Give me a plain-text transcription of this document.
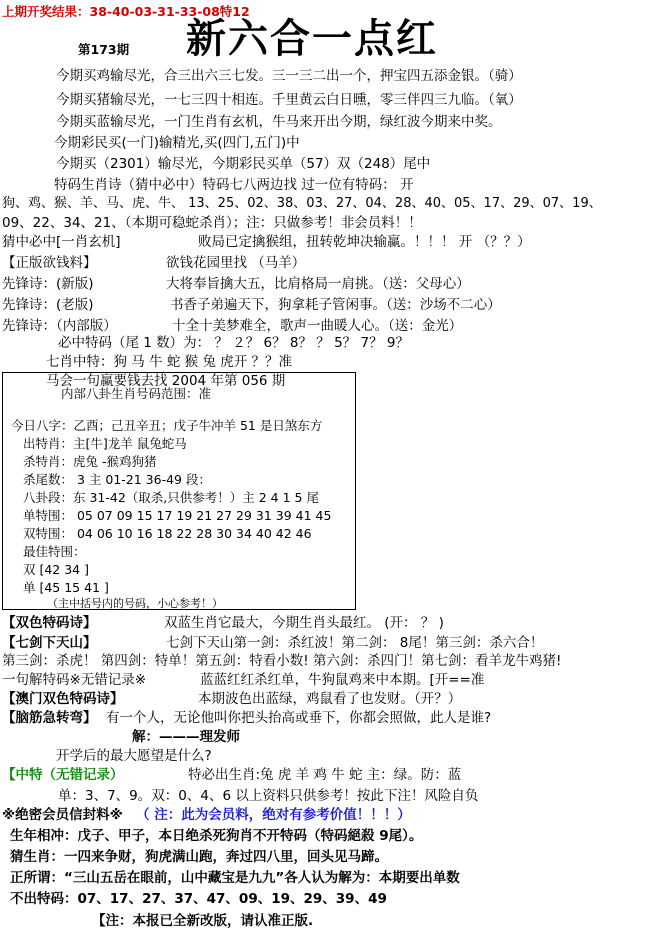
上期开奖结果：38-40-03-31-33-08特12
第173期 新六合一点红
今期买鸡输尽光，合三出六三七发。三一三二出一个，押宝四五添金银。（骑）
今期买猪输尽光，一七三四十相连。千里黄云白日曛，零三伴四三九临。（氧）
今期买蓝输尽光，一门生肖有玄机，牛马来开出今期，绿红波今期来中奖。
今期彩民买(一门)输精光,买(四门,五门)中
今期买（2301）输尽光，今期彩民买单（57）双（248）尾中
特码生肖诗（猜中必中）特码七八两边找 过一位有特码： 开
狗、鸡、猴、羊、马、虎、牛、 13、25、02、38、03、27、04、28、40、05、17、29、07、19、
09、22、34、21、（本期可稳蛇杀肖）；注：只做参考！非会员料！！
猜中必中[一肖玄机]	败局已定擒猴组，扭转乾坤决输赢。！！！ 开 （？？）
【正版欲钱料】	欲钱花园里找 （马羊）
先锋诗：(新版)	大将奉旨擒大五，比肩格局一肩挑。（送：父母心）
先锋诗：(老版)	书香子弟遍天下，狗拿耗子管闲事。（送：沙场不二心）
先锋诗：（内部版）	十全十美梦难全，歌声一曲暖人心。（送：金光）
必中特码（尾 1 数）为： ？ ２？ 6？ 8？ ？ 5？ 7？ 9？
七肖中特：狗 马 牛 蛇 猴 兔 虎开 ？？准
马会一句赢要钱去找 2004 年第 056 期
内部八卦生肖号码范围：准
今日八字：乙酉；己丑辛丑；戊子牛冲羊 51 是日煞东方
出特肖：主[牛]龙羊 鼠兔蛇马
杀特肖：虎兔 -猴鸡狗猪
杀尾数： 3 主 01-21 36-49 段：
八卦段：东 31-42（取杀,只供参考！）主 2 4 1 5 尾
单特围： 05 07 09 15 17 19 21 27 29 31 39 41 45
双特围： 04 06 10 16 18 22 28 30 34 40 42 46
最佳特围：
双 [42 34 ]
单 [45 15 41 ]
（主中括号内的号码，小心参考！）
【双色特码诗】	双蓝生肖它最大，今期生肖头最红。 (开： ？ )
【七剑下天山】	七剑下天山第一剑：杀红波！第二剑： 8尾！第三剑：杀六合！
第三剑：杀虎！ 第四剑：特单！第五剑：特看小数! 第六剑：杀四门！第七剑：看羊龙牛鸡猪!
一句解特码※无错记录※	蓝蓝红红杀红单，牛狗鼠鸡来中本期。[开==准
【澳门双色特码诗】	本期波色出蓝绿，鸡鼠看了也发财。（开？）
【脑筋急转弯】 有一个人，无论他叫你把头抬高或垂下，你都会照做，此人是谁?
解：———理发师
开学后的最大愿望是什么?
【中特（无错记录）	特必出生肖:兔 虎 羊 鸡 牛 蛇 主：绿。防：蓝
单：3、7、9。双：0、4、6 以上资料只供参考！按此下注！风险自负
※绝密会员信封料※ （ 注：此为会员料，绝对有参考价值！！！）
生年相冲：戊子、甲子，本日绝杀死狗肖不开特码（特码絕殺 9尾）。
猜生肖：一四来争财，狗虎满山跑，奔过四八里，回头见马蹄。
正所谓：“三山五岳在眼前，山中藏宝是九九”各人认为解为：本期要出单数
不出特码：07、17、27、37、47、09、19、29、39、49
【注：本报已全新改版，请认准正版.
